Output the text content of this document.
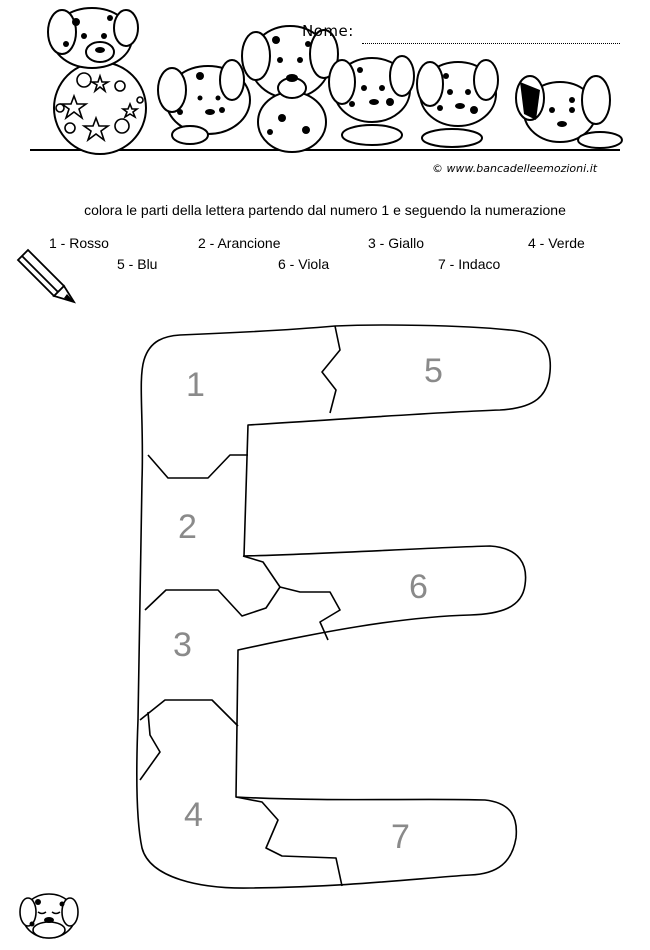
Nome:
© www.bancadelleemozioni.it
colora le parti della lettera partendo dal numero 1 e seguendo la numerazione
1 - Rosso	2 - Arancione	3 - Giallo	4 - Verde
5 - Blu	6 - Viola	7 - Indaco
1
2
3
4
5
6
7
